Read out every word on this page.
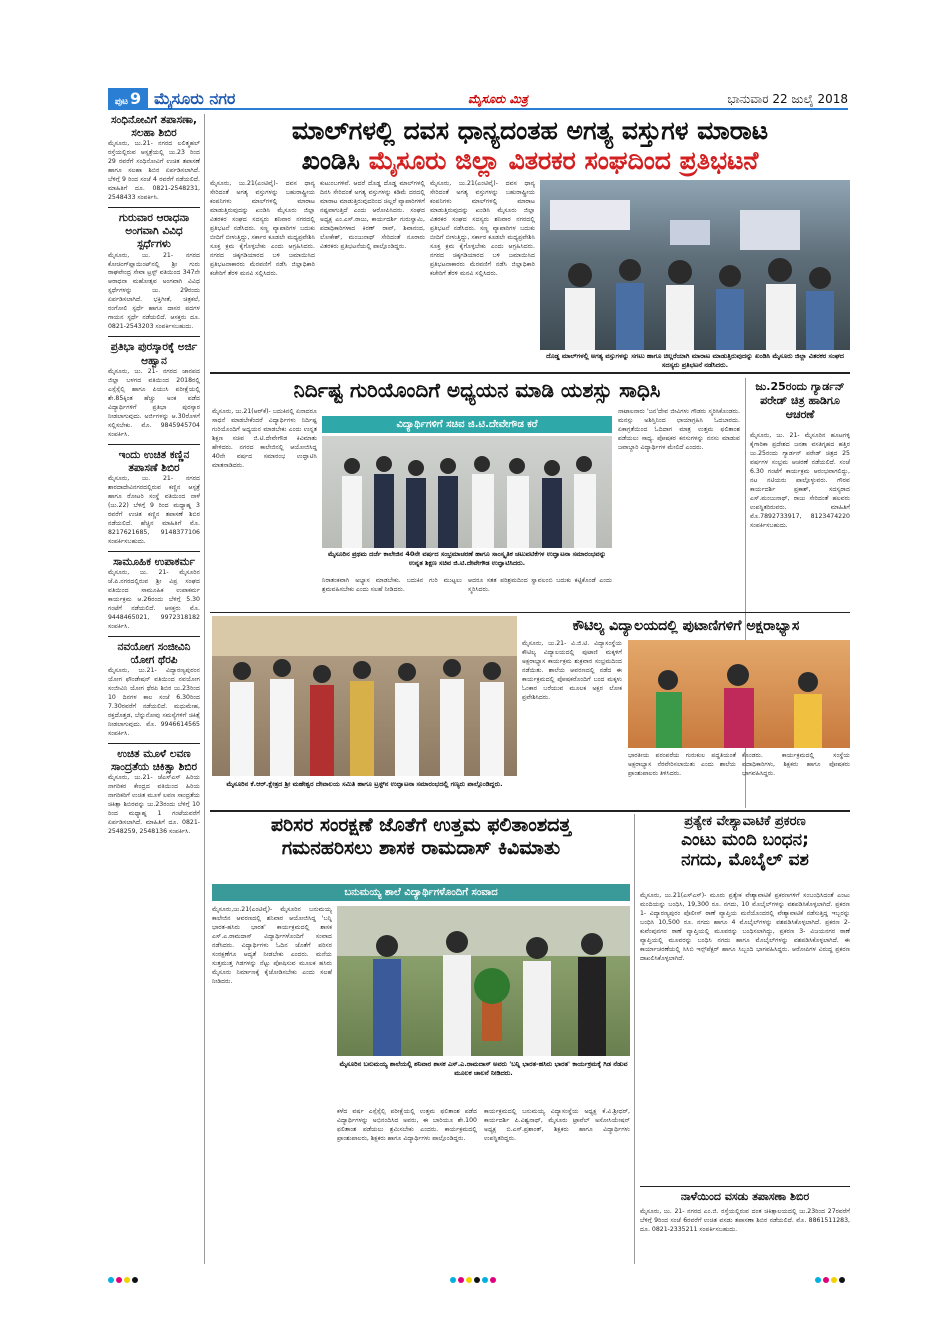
ಪುಟ 9 ಮೈಸೂರು ನಗರ	ಮೈಸೂರು ಮಿತ್ರ	ಭಾನುವಾರ 22 ಜುಲೈ 2018
ಸಂಧಿನೋವಿಗೆ ತಪಾಸಣಾ, ಸಲಹಾ ಶಿಬಿರ
ಮೈಸೂರು, ಜು.21- ನಗರದ ಲಲಿತ್ಮಹಲ್ ರಸ್ತೆಯಲ್ಲಿರುವ ಆಸ್ಪತ್ರೆಯಲ್ಲಿ ಜು.23 ರಿಂದ 29 ರವರೆಗೆ ಸಂಧಿನೋವಿಗೆ ಉಚಿತ ತಪಾಸಣೆ ಹಾಗೂ ಸಲಹಾ ಶಿಬಿರ ಏರ್ಪಡಿಸಲಾಗಿದೆ. ಬೆಳಿಗ್ಗೆ 9 ರಿಂದ ಸಂಜೆ 4 ರವರೆಗೆ ನಡೆಯಲಿದೆ. ಮಾಹಿತಿಗೆ ದೂ. 0821-2548231, 2548433 ಸಂಪರ್ಕಿಸಿ.
ಗುರುವಾರ ಆರಾಧನಾ ಅಂಗವಾಗಿ ವಿವಿಧ ಸ್ಪರ್ಧೆಗಳು
ಮೈಸೂರು, ಜು. 21- ನಗರದ ಕೋಚಿಂಗ್‌ಪ್ಲಾಯಿಂಟ್‌ನಲ್ಲಿ ಶ್ರೀ ಗುರು ರಾಘವೇಂದ್ರ ಸೇವಾ ಟ್ರಸ್ಟ್ ವತಿಯಿಂದ 347ನೇ ಆರಾಧನಾ ಮಹೋತ್ಸವ ಅಂಗವಾಗಿ ವಿವಿಧ ಸ್ಪರ್ಧೆಗಳನ್ನು ಜು. 29ರಂದು ಏರ್ಪಡಿಸಲಾಗಿದೆ. ಭಕ್ತಿಗೀತೆ, ಚಿತ್ರಕಲೆ, ರಂಗೋಲಿ ಸ್ಪರ್ಧೆ ಹಾಗೂ ದಾಸರ ಪದಗಳ ಗಾಯನ ಸ್ಪರ್ಧೆ ನಡೆಯಲಿದೆ. ಆಸಕ್ತರು ದೂ. 0821-2543203 ಸಂಪರ್ಕಿಸಬಹುದು.
ಪ್ರತಿಭಾ ಪುರಸ್ಕಾರಕ್ಕೆ ಅರ್ಜಿ ಆಹ್ವಾನ
ಮೈಸೂರು, ಜು. 21- ನಗರದ ಜಾನಪದ ಜಿಲ್ಲಾ ಬಳಗದ ವತಿಯಿಂದ 2018ರಲ್ಲಿ ಎಸ್ಸೆಸ್ಸೆಲ್ಸಿ ಹಾಗೂ ಪಿಯುಸಿ ಪರೀಕ್ಷೆಯಲ್ಲಿ ಶೇ.85ಕ್ಕಿಂತ ಹೆಚ್ಚು ಅಂಕ ಪಡೆದ ವಿದ್ಯಾರ್ಥಿಗಳಿಗೆ ಪ್ರತಿಭಾ ಪುರಸ್ಕಾರ ನೀಡಲಾಗುವುದು. ಅರ್ಜಿಗಳನ್ನು ಆ.30ರೊಳಗೆ ಸಲ್ಲಿಸಬೇಕು. ಮೊ. 9845945704 ಸಂಪರ್ಕಿಸಿ.
ಇಂದು ಉಚಿತ ಕಣ್ಣಿನ ತಪಾಸಣೆ ಶಿಬಿರ
ಮೈಸೂರು, ಜು. 21- ನಗರದ ಶಾರದಾದೇವಿನಗರದಲ್ಲಿರುವ ಕಣ್ಣಿನ ಆಸ್ಪತ್ರೆ ಹಾಗೂ ರೋಟರಿ ಸಂಸ್ಥೆ ವತಿಯಿಂದ ನಾಳೆ (ಜು.22) ಬೆಳಿಗ್ಗೆ 9 ರಿಂದ ಮಧ್ಯಾಹ್ನ 3 ರವರೆಗೆ ಉಚಿತ ಕಣ್ಣಿನ ತಪಾಸಣೆ ಶಿಬಿರ ನಡೆಯಲಿದೆ. ಹೆಚ್ಚಿನ ಮಾಹಿತಿಗೆ ಮೊ. 8217621685, 9148377106 ಸಂಪರ್ಕಿಸಬಹುದು.
ಸಾಮೂಹಿಕ ಉಪಾಕರ್ಮ
ಮೈಸೂರು, ಜು. 21- ಮೈಸೂರಿನ ಜೆ.ಪಿ.ನಗರದಲ್ಲಿರುವ ಶ್ರೀ ವಿಪ್ರ ಸಂಘದ ವತಿಯಿಂದ ಸಾಮೂಹಿಕ ಉಪಾಕರ್ಮ ಕಾರ್ಯಕ್ರಮ ಆ.26ರಂದು ಬೆಳಿಗ್ಗೆ 5.30 ಗಂಟೆಗೆ ನಡೆಯಲಿದೆ. ಆಸಕ್ತರು ಮೊ. 9448465021, 9972318182 ಸಂಪರ್ಕಿಸಿ.
ನವಯೋಗ ಸಂಜೀವಿನಿ ಯೋಗ ಥೆರಪಿ
ಮೈಸೂರು, ಜು.21- ವಿದ್ಯಾರಣ್ಯಪುರಂನ ಯೋಗ ಫೌಂಡೇಷನ್ ವತಿಯಿಂದ ನವಯೋಗ ಸಂಜೀವಿನಿ ಯೋಗ ಥೆರಪಿ ಶಿಬಿರ ಜು.23ರಿಂದ 10 ದಿನಗಳ ಕಾಲ ಸಂಜೆ 6.30ರಿಂದ 7.30ರವರೆಗೆ ನಡೆಯಲಿದೆ. ಮಧುಮೇಹ, ರಕ್ತದೊತ್ತಡ, ಬೆನ್ನುನೋವು ಸಮಸ್ಯೆಗಳಿಗೆ ಚಿಕಿತ್ಸೆ ನೀಡಲಾಗುವುದು. ಮೊ. 9946614565 ಸಂಪರ್ಕಿಸಿ.
ಉಚಿತ ಮೂಳೆ ಲವಣ ಸಾಂದ್ರತೆಯ ಚಿಕಿತ್ಸಾ ಶಿಬಿರ
ಮೈಸೂರು, ಜು.21- ಜೆಎಸ್‌ಎಸ್ ಹಿರಿಯ ನಾಗರಿಕರ ಕೇಂದ್ರದ ವತಿಯಿಂದ ಹಿರಿಯ ನಾಗರಿಕರಿಗೆ ಉಚಿತ ಮೂಳೆ ಲವಣ ಸಾಂದ್ರತೆಯ ಚಿಕಿತ್ಸಾ ಶಿಬಿರವನ್ನು ಜು.23ರಂದು ಬೆಳಿಗ್ಗೆ 10 ರಿಂದ ಮಧ್ಯಾಹ್ನ 1 ಗಂಟೆಯವರೆಗೆ ಏರ್ಪಡಿಸಲಾಗಿದೆ. ಮಾಹಿತಿಗೆ ದೂ. 0821-2548259, 2548136 ಸಂಪರ್ಕಿಸಿ.
ಮಾಲ್‌ಗಳಲ್ಲಿ ದವಸ ಧಾನ್ಯದಂತಹ ಅಗತ್ಯ ವಸ್ತುಗಳ ಮಾರಾಟ
ಖಂಡಿಸಿ ಮೈಸೂರು ಜಿಲ್ಲಾ ವಿತರಕರ ಸಂಘದಿಂದ ಪ್ರತಿಭಟನೆ
ಮೈಸೂರು, ಜು.21(ಎಂಟಿವೈ)- ದವಸ ಧಾನ್ಯ ಸೇರಿದಂತೆ ಅಗತ್ಯ ವಸ್ತುಗಳನ್ನು ಬಹುರಾಷ್ಟ್ರೀಯ ಕಂಪನಿಗಳು ಮಾಲ್‌ಗಳಲ್ಲಿ ಮಾರಾಟ ಮಾಡುತ್ತಿರುವುದನ್ನು ಖಂಡಿಸಿ ಮೈಸೂರು ಜಿಲ್ಲಾ ವಿತರಕರ ಸಂಘದ ಸದಸ್ಯರು ಶನಿವಾರ ನಗರದಲ್ಲಿ ಪ್ರತಿಭಟನೆ ನಡೆಸಿದರು. ಸಣ್ಣ ವ್ಯಾಪಾರಿಗಳ ಬದುಕು ಬೀದಿಗೆ ಬೀಳುತ್ತಿದ್ದು, ಸರ್ಕಾರ ಕೂಡಲೇ ಮಧ್ಯಪ್ರವೇಶಿಸಿ ಸೂಕ್ತ ಕ್ರಮ ಕೈಗೊಳ್ಳಬೇಕು ಎಂದು ಆಗ್ರಹಿಸಿದರು. ನಗರದ ಚಿಕ್ಕಗಡಿಯಾರದ ಬಳಿ ಜಮಾಯಿಸಿದ ಪ್ರತಿಭಟನಾಕಾರರು ಮೆರವಣಿಗೆ ನಡೆಸಿ ಜಿಲ್ಲಾಧಿಕಾರಿ ಕಚೇರಿಗೆ ತೆರಳಿ ಮನವಿ ಸಲ್ಲಿಸಿದರು.
ಕುಟುಂಬಗಳಿವೆ. ಆದರೆ ದೊಡ್ಡ ದೊಡ್ಡ ಮಾಲ್‌ಗಳಲ್ಲಿ ದಿನಸಿ ಸೇರಿದಂತೆ ಅಗತ್ಯ ವಸ್ತುಗಳನ್ನು ಕಡಿಮೆ ದರದಲ್ಲಿ ಮಾರಾಟ ಮಾಡುತ್ತಿರುವುದರಿಂದ ಚಿಲ್ಲರೆ ವ್ಯಾಪಾರಿಗಳಿಗೆ ನಷ್ಟವಾಗುತ್ತಿದೆ ಎಂದು ಆರೋಪಿಸಿದರು. ಸಂಘದ ಅಧ್ಯಕ್ಷ ಎಂ.ಎಸ್.ರಾಜು, ಕಾರ್ಯದರ್ಶಿ ಗುರುಸ್ವಾಮಿ, ಪದಾಧಿಕಾರಿಗಳಾದ ಕಿರಣ್ ರಾವ್, ಶಿವಾನಂದ, ಲೋಕೇಶ್, ಮಂಜುನಾಥ್ ಸೇರಿದಂತೆ ನೂರಾರು ವಿತರಕರು ಪ್ರತಿಭಟನೆಯಲ್ಲಿ ಪಾಲ್ಗೊಂಡಿದ್ದರು.
ಮೈಸೂರು, ಜು.21(ಎಂಟಿವೈ)- ದವಸ ಧಾನ್ಯ ಸೇರಿದಂತೆ ಅಗತ್ಯ ವಸ್ತುಗಳನ್ನು ಬಹುರಾಷ್ಟ್ರೀಯ ಕಂಪನಿಗಳು ಮಾಲ್‌ಗಳಲ್ಲಿ ಮಾರಾಟ ಮಾಡುತ್ತಿರುವುದನ್ನು ಖಂಡಿಸಿ ಮೈಸೂರು ಜಿಲ್ಲಾ ವಿತರಕರ ಸಂಘದ ಸದಸ್ಯರು ಶನಿವಾರ ನಗರದಲ್ಲಿ ಪ್ರತಿಭಟನೆ ನಡೆಸಿದರು. ಸಣ್ಣ ವ್ಯಾಪಾರಿಗಳ ಬದುಕು ಬೀದಿಗೆ ಬೀಳುತ್ತಿದ್ದು, ಸರ್ಕಾರ ಕೂಡಲೇ ಮಧ್ಯಪ್ರವೇಶಿಸಿ ಸೂಕ್ತ ಕ್ರಮ ಕೈಗೊಳ್ಳಬೇಕು ಎಂದು ಆಗ್ರಹಿಸಿದರು. ನಗರದ ಚಿಕ್ಕಗಡಿಯಾರದ ಬಳಿ ಜಮಾಯಿಸಿದ ಪ್ರತಿಭಟನಾಕಾರರು ಮೆರವಣಿಗೆ ನಡೆಸಿ ಜಿಲ್ಲಾಧಿಕಾರಿ ಕಚೇರಿಗೆ ತೆರಳಿ ಮನವಿ ಸಲ್ಲಿಸಿದರು.
ದೊಡ್ಡ ಮಾಲ್‌ಗಳಲ್ಲಿ ಅಗತ್ಯ ವಸ್ತುಗಳನ್ನು ಸಗಟು ಹಾಗೂ ಚಿಲ್ಲರೆಯಾಗಿ ಮಾರಾಟ ಮಾಡುತ್ತಿರುವುದನ್ನು ಖಂಡಿಸಿ ಮೈಸೂರು ಜಿಲ್ಲಾ ವಿತರಕರ ಸಂಘದ ಸದಸ್ಯರು ಪ್ರತಿಭಟನೆ ನಡೆಸಿದರು.
ನಿರ್ದಿಷ್ಟ ಗುರಿಯೊಂದಿಗೆ ಅಧ್ಯಯನ ಮಾಡಿ ಯಶಸ್ಸು ಸಾಧಿಸಿ
ಮೈಸೂರು, ಜು.21(ಆರ್‌ಕೆ)- ಬದುಕಿನಲ್ಲಿ ಏನಾದರೂ ಸಾಧನೆ ಮಾಡಬೇಕೆಂದರೆ ವಿದ್ಯಾರ್ಥಿಗಳು ನಿರ್ದಿಷ್ಟ ಗುರಿಯೊಂದಿಗೆ ಅಧ್ಯಯನ ಮಾಡಬೇಕು ಎಂದು ಉನ್ನತ ಶಿಕ್ಷಣ ಸಚಿವ ಜಿ.ಟಿ.ದೇವೇಗೌಡ ಕಿವಿಮಾತು ಹೇಳಿದರು. ನಗರದ ಕಾಲೇಜಿನಲ್ಲಿ ಆಯೋಜಿಸಿದ್ದ 40ನೇ ವರ್ಷದ ಸಮಾರಂಭ ಉದ್ಘಾಟಿಸಿ ಮಾತನಾಡಿದರು.
ವಿದ್ಯಾರ್ಥಿಗಳಿಗೆ ಸಚಿವ ಜಿ.ಟಿ.ದೇವೇಗೌಡ ಕರೆ
ನಾಟಾಲನಾರು 'ಜನ'ದೇವ ಜೀವಿಗಳು ಗೌಡರು ಸ್ಮರಿಸಿಕೊಂಡರು. ಮನಸ್ಸು ಅಶಿಸ್ತಿನಿಂದ ಛಾಯಾಗ್ರಹಿಸಿ ಓದಬಾರದು. ಏಕಾಗ್ರತೆಯಿಂದ ಓದಿದಾಗ ಮಾತ್ರ ಉತ್ತಮ ಫಲಿತಾಂಶ ಪಡೆಯಲು ಸಾಧ್ಯ. ಪೋಷಕರ ಕನಸುಗಳನ್ನು ನನಸು ಮಾಡುವ ಜವಾಬ್ದಾರಿ ವಿದ್ಯಾರ್ಥಿಗಳ ಮೇಲಿದೆ ಎಂದರು.
ಮೈಸೂರಿನ ಪ್ರಥಮ ದರ್ಜೆ ಕಾಲೇಜಿನ 40ನೇ ವರ್ಷದ ಸಂಭ್ರಮಾಚರಣೆ ಹಾಗೂ ಸಾಂಸ್ಕೃತಿಕ ಚಟುವಟಿಕೆಗಳ ಉದ್ಘಾಟನಾ ಸಮಾರಂಭವನ್ನು ಉನ್ನತ ಶಿಕ್ಷಣ ಸಚಿವ ಜಿ.ಟಿ.ದೇವೇಗೌಡ ಉದ್ಘಾಟಿಸಿದರು.
ನಿರಾತಂಕವಾಗಿ ಅಭ್ಯಾಸ ಮಾಡಬೇಕು. ಬದುಕಿನ ಗುರಿ ಮುಟ್ಟಲು ಶ್ರಮವಹಿಸಬೇಕು ಎಂದು ಸಲಹೆ ನೀಡಿದರು.
ಆದರೂ ಸತತ ಪರಿಶ್ರಮದಿಂದ ಸ್ವಾವಲಂಬಿ ಬದುಕು ಕಟ್ಟಿಕೊಂಡೆ ಎಂದು ಸ್ಮರಿಸಿದರು.
ಜು.25ರಂದು ಗ್ಯಾರ್ಡನ್ ಪರೇಡ್ ಚಿತ್ರ ಹಾಡಿಗೂ ಆಚರಣೆ
ಮೈಸೂರು, ಜು. 21- ಮೈಸೂರಿನ ಹೂಟಗಳ್ಳಿ ಕೈಗಾರಿಕಾ ಪ್ರದೇಶದ ಜನತಾ ವಸತಿಗೃಹದ ಹತ್ತಿರ ಜು.25ರಂದು ಗ್ಯಾರ್ಡನ್ ಪರೇಡ್ ಚಿತ್ರದ 25 ವರ್ಷಗಳ ಸಂಭ್ರಮ ಆಚರಣೆ ನಡೆಯಲಿದೆ. ಸಂಜೆ 6.30 ಗಂಟೆಗೆ ಕಾರ್ಯಕ್ರಮ ಆರಂಭವಾಗಲಿದ್ದು, ನಟ ನಟಿಯರು ಪಾಲ್ಗೊಳ್ಳುವರು. ಗೌರವ ಕಾರ್ಯದರ್ಶಿ ಪ್ರಕಾಶ್, ಸದಸ್ಯರಾದ ಎಸ್.ಮಂಜುನಾಥ್, ರಾಜು ಸೇರಿದಂತೆ ಹಲವರು ಉಪಸ್ಥಿತರಿರುವರು. ಮಾಹಿತಿಗೆ ಮೊ.7892733917, 8123474220 ಸಂಪರ್ಕಿಸಬಹುದು.
ಮೈಸೂರಿನ ಕೆ.ಆರ್.ಕ್ಷೇತ್ರದ ಶ್ರೀ ಮಹೇಶ್ವರ ದೇವಾಲಯ ಸಮಿತಿ ಹಾಗೂ ಟ್ರಸ್ಟ್‌ನ ಉದ್ಘಾಟನಾ ಸಮಾರಂಭದಲ್ಲಿ ಗಣ್ಯರು ಪಾಲ್ಗೊಂಡಿದ್ದರು.
ಕೌಟಿಲ್ಯ ವಿದ್ಯಾಲಯದಲ್ಲಿ ಪುಟಾಣಿಗಳಿಗೆ ಅಕ್ಷರಾಭ್ಯಾಸ
ಮೈಸೂರು, ಜು.21- ವಿ.ಜಿ.ಟಿ. ವಿದ್ಯಾಸಂಸ್ಥೆಯ ಕೌಟಿಲ್ಯ ವಿದ್ಯಾಲಯದಲ್ಲಿ ಪುಟಾಣಿ ಮಕ್ಕಳಿಗೆ ಅಕ್ಷರಾಭ್ಯಾಸ ಕಾರ್ಯಕ್ರಮ ಶುಕ್ರವಾರ ಸಂಭ್ರಮದಿಂದ ನಡೆಯಿತು. ಶಾಲೆಯ ಆವರಣದಲ್ಲಿ ನಡೆದ ಈ ಕಾರ್ಯಕ್ರಮದಲ್ಲಿ ಪೋಷಕರೊಂದಿಗೆ ಬಂದ ಮಕ್ಕಳು ಓಂಕಾರ ಬರೆಯುವ ಮೂಲಕ ಅಕ್ಷರ ಲೋಕ ಪ್ರವೇಶಿಸಿದರು.
ಭಾರತೀಯ ಪರಂಪರೆಯ ಗುರುಕುಲ ಪದ್ಧತಿಯಂತೆ ಅಕ್ಷರಾಭ್ಯಾಸ ನೆರವೇರಿಸಲಾಯಿತು ಎಂದು ಶಾಲೆಯ ಪ್ರಾಂಶುಪಾಲರು ತಿಳಿಸಿದರು.
ಕೊಂಡರು. ಕಾರ್ಯಕ್ರಮದಲ್ಲಿ ಸಂಸ್ಥೆಯ ಪದಾಧಿಕಾರಿಗಳು, ಶಿಕ್ಷಕರು ಹಾಗೂ ಪೋಷಕರು ಭಾಗವಹಿಸಿದ್ದರು.
ಪರಿಸರ ಸಂರಕ್ಷಣೆ ಜೊತೆಗೆ ಉತ್ತಮ ಫಲಿತಾಂಶದತ್ತ
ಗಮನಹರಿಸಲು ಶಾಸಕ ರಾಮದಾಸ್ ಕಿವಿಮಾತು
ಬನುಮಯ್ಯ ಶಾಲೆ ವಿದ್ಯಾರ್ಥಿಗಳೊಂದಿಗೆ ಸಂವಾದ
ಮೈಸೂರು,ಜು.21(ಎಂಟಿವೈ)- ಮೈಸೂರಿನ ಬನುಮಯ್ಯ ಕಾಲೇಜಿನ ಆವರಣದಲ್ಲಿ ಶನಿವಾರ ಆಯೋಜಿಸಿದ್ದ 'ಬನ್ನಿ ಭಾರತ-ಹಸಿರು ಭಾರತ' ಕಾರ್ಯಕ್ರಮದಲ್ಲಿ ಶಾಸಕ ಎಸ್.ಎ.ರಾಮದಾಸ್ ವಿದ್ಯಾರ್ಥಿಗಳೊಂದಿಗೆ ಸಂವಾದ ನಡೆಸಿದರು. ವಿದ್ಯಾರ್ಥಿಗಳು ಓದಿನ ಜೊತೆಗೆ ಪರಿಸರ ಸಂರಕ್ಷಣೆಗೂ ಆದ್ಯತೆ ನೀಡಬೇಕು ಎಂದರು. ಮನೆಯ ಸುತ್ತಮುತ್ತ ಗಿಡಗಳನ್ನು ನೆಟ್ಟು ಪೋಷಿಸುವ ಮೂಲಕ ಹಸಿರು ಮೈಸೂರು ನಿರ್ಮಾಣಕ್ಕೆ ಕೈಜೋಡಿಸಬೇಕು ಎಂದು ಸಲಹೆ ನೀಡಿದರು.
ಮೈಸೂರಿನ ಬನುಮಯ್ಯ ಶಾಲೆಯಲ್ಲಿ ಶನಿವಾರ ಶಾಸಕ ಎಸ್.ಎ.ರಾಮದಾಸ್ ಅವರು 'ಬನ್ನಿ ಭಾರತ-ಹಸಿರು ಭಾರತ' ಕಾರ್ಯಕ್ರಮಕ್ಕೆ ಗಿಡ ನೆಡುವ ಮೂಲಕ ಚಾಲನೆ ನೀಡಿದರು.
ಕಳೆದ ವರ್ಷ ಎಸ್ಸೆಸ್ಸೆಲ್ಸಿ ಪರೀಕ್ಷೆಯಲ್ಲಿ ಉತ್ತಮ ಫಲಿತಾಂಶ ಪಡೆದ ವಿದ್ಯಾರ್ಥಿಗಳನ್ನು ಅಭಿನಂದಿಸಿದ ಅವರು, ಈ ಬಾರಿಯೂ ಶೇ.100 ಫಲಿತಾಂಶ ಪಡೆಯಲು ಶ್ರಮಿಸಬೇಕು ಎಂದರು. ಕಾರ್ಯಕ್ರಮದಲ್ಲಿ ಪ್ರಾಂಶುಪಾಲರು, ಶಿಕ್ಷಕರು ಹಾಗೂ ವಿದ್ಯಾರ್ಥಿಗಳು ಪಾಲ್ಗೊಂಡಿದ್ದರು.
ಕಾರ್ಯಕ್ರಮದಲ್ಲಿ ಬನುಮಯ್ಯ ವಿದ್ಯಾಸಂಸ್ಥೆಯ ಅಧ್ಯಕ್ಷ ಕೆ.ವಿ.ಶ್ರೀಧರ್, ಕಾರ್ಯದರ್ಶಿ ಪಿ.ವಿಶ್ವನಾಥ್, ಮೈಸೂರು ಟ್ರಾವೆಲ್ ಅಸೋಸಿಯೇಷನ್ ಅಧ್ಯಕ್ಷ ಬಿ.ಎಸ್.ಪ್ರಶಾಂತ್, ಶಿಕ್ಷಕರು ಹಾಗೂ ವಿದ್ಯಾರ್ಥಿಗಳು ಉಪಸ್ಥಿತರಿದ್ದರು.
ಪ್ರತ್ಯೇಕ ವೇಶ್ಯಾವಾಟಿಕೆ ಪ್ರಕರಣ
ಎಂಟು ಮಂದಿ ಬಂಧನ;
ನಗದು, ಮೊಬೈಲ್ ವಶ
ಮೈಸೂರು, ಜು.21(ಎಸ್‌ಎಸ್)- ಮೂರು ಪ್ರತ್ಯೇಕ ವೇಶ್ಯಾವಾಟಿಕೆ ಪ್ರಕರಣಗಳಿಗೆ ಸಂಬಂಧಿಸಿದಂತೆ ಎಂಟು ಮಂದಿಯನ್ನು ಬಂಧಿಸಿ, 19,300 ರೂ. ನಗದು, 10 ಮೊಬೈಲ್‌ಗಳನ್ನು ವಶಪಡಿಸಿಕೊಳ್ಳಲಾಗಿದೆ. ಪ್ರಕರಣ 1- ವಿದ್ಯಾರಣ್ಯಪುರಂ ಪೊಲೀಸ್ ಠಾಣೆ ವ್ಯಾಪ್ತಿಯ ಮನೆಯೊಂದರಲ್ಲಿ ವೇಶ್ಯಾವಾಟಿಕೆ ನಡೆಸುತ್ತಿದ್ದ ಇಬ್ಬರನ್ನು ಬಂಧಿಸಿ 10,500 ರೂ. ನಗದು ಹಾಗೂ 4 ಮೊಬೈಲ್‌ಗಳನ್ನು ವಶಪಡಿಸಿಕೊಳ್ಳಲಾಗಿದೆ. ಪ್ರಕರಣ 2- ಕುವೆಂಪುನಗರ ಠಾಣೆ ವ್ಯಾಪ್ತಿಯಲ್ಲಿ ಮೂವರನ್ನು ಬಂಧಿಸಲಾಗಿದ್ದು, ಪ್ರಕರಣ 3- ವಿಜಯನಗರ ಠಾಣೆ ವ್ಯಾಪ್ತಿಯಲ್ಲಿ ಮೂವರನ್ನು ಬಂಧಿಸಿ ನಗದು ಹಾಗೂ ಮೊಬೈಲ್‌ಗಳನ್ನು ವಶಪಡಿಸಿಕೊಳ್ಳಲಾಗಿದೆ. ಈ ಕಾರ್ಯಾಚರಣೆಯಲ್ಲಿ ಸಿಸಿಬಿ ಇನ್ಸ್‌ಪೆಕ್ಟರ್ ಹಾಗೂ ಸಿಬ್ಬಂದಿ ಭಾಗವಹಿಸಿದ್ದರು. ಆರೋಪಿಗಳ ವಿರುದ್ಧ ಪ್ರಕರಣ ದಾಖಲಿಸಿಕೊಳ್ಳಲಾಗಿದೆ.
ನಾಳೆಯಿಂದ ವಸಡು ತಪಾಸಣಾ ಶಿಬಿರ
ಮೈಸೂರು, ಜು. 21- ನಗರದ ಎಂ.ಜಿ. ರಸ್ತೆಯಲ್ಲಿರುವ ದಂತ ಚಿಕಿತ್ಸಾಲಯದಲ್ಲಿ ಜು.23ರಿಂದ 27ರವರೆಗೆ ಬೆಳಿಗ್ಗೆ 9ರಿಂದ ಸಂಜೆ 6ರವರೆಗೆ ಉಚಿತ ವಸಡು ತಪಾಸಣಾ ಶಿಬಿರ ನಡೆಯಲಿದೆ. ಮೊ. 8861511283, ದೂ. 0821-2335211 ಸಂಪರ್ಕಿಸಬಹುದು.
